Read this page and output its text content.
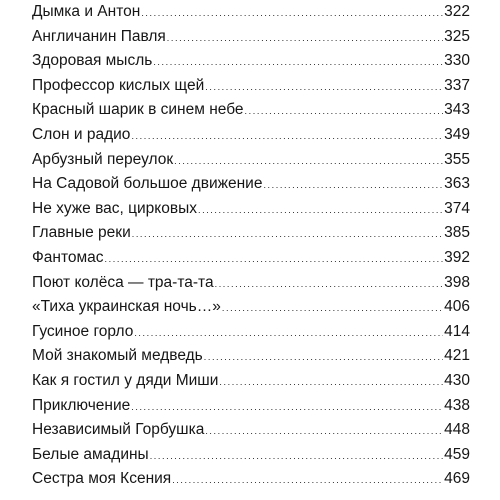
Дымка и Антон .....	322
Англичанин Павля .....	325
Здоровая мысль .....	330
Профессор кислых щей .....	337
Красный шарик в синем небе .....	343
Слон и радио .....	349
Арбузный переулок .....	355
На Садовой большое движение .....	363
Не хуже вас, цирковых .....	374
Главные реки .....	385
Фантомас .....	392
Поют колёса — тра-та-та .....	398
«Тиха украинская ночь…» .....	406
Гусиное горло .....	414
Мой знакомый медведь .....	421
Как я гостил у дяди Миши .....	430
Приключение .....	438
Независимый Горбушка .....	448
Белые амадины .....	459
Сестра моя Ксения .....	469
